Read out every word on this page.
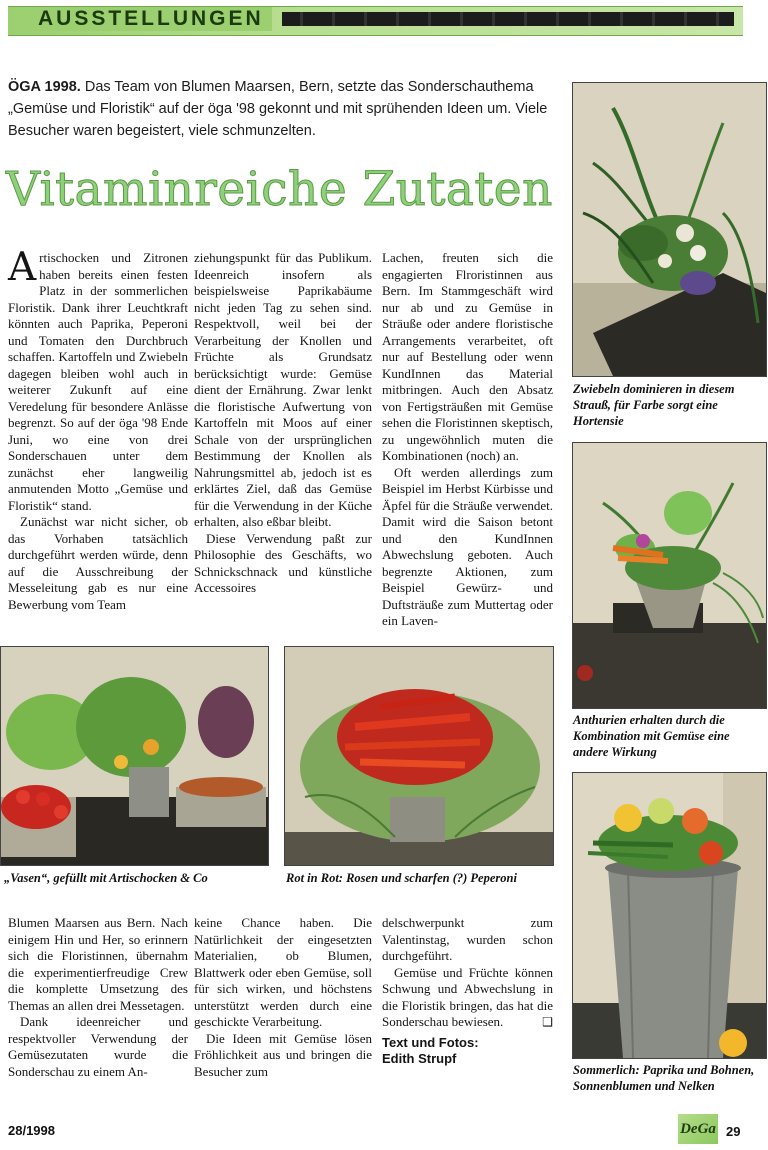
AUSSTELLUNGEN
ÖGA 1998. Das Team von Blumen Maarsen, Bern, setzte das Sonderschauthema „Gemüse und Floristik“ auf der öga '98 gekonnt und mit sprühenden Ideen um. Viele Besucher waren begeistert, viele schmunzelten.
Vitaminreiche Zutaten

Artischocken und Zitronen haben bereits einen festen Platz in der sommerlichen Floristik. Dank ihrer Leuchtkraft könnten auch Paprika, Peperoni und Tomaten den Durchbruch schaffen. Kartoffeln und Zwiebeln dagegen bleiben wohl auch in weiterer Zukunft auf eine Veredelung für besondere Anlässe begrenzt. So auf der öga '98 Ende Juni, wo eine von drei Sonderschauen unter dem zunächst eher langweilig anmutenden Motto „Gemüse und Floristik“ stand.

Zunächst war nicht sicher, ob das Vorhaben tatsächlich durchgeführt werden würde, denn auf die Ausschreibung der Messeleitung gab es nur eine Bewerbung vom Team

ziehungspunkt für das Publikum. Ideenreich insofern als beispielsweise Paprikabäume nicht jeden Tag zu sehen sind. Respektvoll, weil bei der Verarbeitung der Knollen und Früchte als Grundsatz berücksichtigt wurde: Gemüse dient der Ernährung. Zwar lenkt die floristische Aufwertung von Kartoffeln mit Moos auf einer Schale von der ursprünglichen Bestimmung der Knollen als Nahrungsmittel ab, jedoch ist es erklärtes Ziel, daß das Gemüse für die Verwendung in der Küche erhalten, also eßbar bleibt.

Diese Verwendung paßt zur Philosophie des Geschäfts, wo Schnickschnack und künstliche Accessoires

Lachen, freuten sich die engagierten Flroristinnen aus Bern. Im Stammgeschäft wird nur ab und zu Gemüse in Sträuße oder andere floristische Arrangements verarbeitet, oft nur auf Bestellung oder wenn KundInnen das Material mitbringen. Auch den Absatz von Fertigsträußen mit Gemüse sehen die Floristinnen skeptisch, zu ungewöhnlich muten die Kombinationen (noch) an.

Oft werden allerdings zum Beispiel im Herbst Kürbisse und Äpfel für die Sträuße verwendet. Damit wird die Saison betont und den KundInnen Abwechslung geboten. Auch begrenzte Aktionen, zum Beispiel Gewürz- und Duftsträuße zum Muttertag oder ein Laven-

Zwiebeln dominieren in diesem Strauß, für Farbe sorgt eine Hortensie
Anthurien erhalten durch die Kombination mit Gemüse eine andere Wirkung
Sommerlich: Paprika und Bohnen, Sonnenblumen und Nelken
„Vasen“, gefüllt mit Artischocken & Co	Rot in Rot: Rosen und scharfen (?) Peperoni

Blumen Maarsen aus Bern. Nach einigem Hin und Her, so erinnern sich die Floristinnen, übernahm die experimentierfreudige Crew die komplette Umsetzung des Themas an allen drei Messetagen.

Dank ideenreicher und respektvoller Verwendung der Gemüsezutaten wurde die Sonderschau zu einem An-

keine Chance haben. Die Natürlichkeit der eingesetzten Materialien, ob Blumen, Blattwerk oder eben Gemüse, soll für sich wirken, und höchstens unterstützt werden durch eine geschickte Verarbeitung.

Die Ideen mit Gemüse lösen Fröhlichkeit aus und bringen die Besucher zum

delschwerpunkt zum Valentinstag, wurden schon durchgeführt.

Gemüse und Früchte können Schwung und Abwechslung in die Floristik bringen, das hat die Sonderschau bewiesen.	❑

Text und Fotos:
Edith Strupf
28/1998	DeGa 29
